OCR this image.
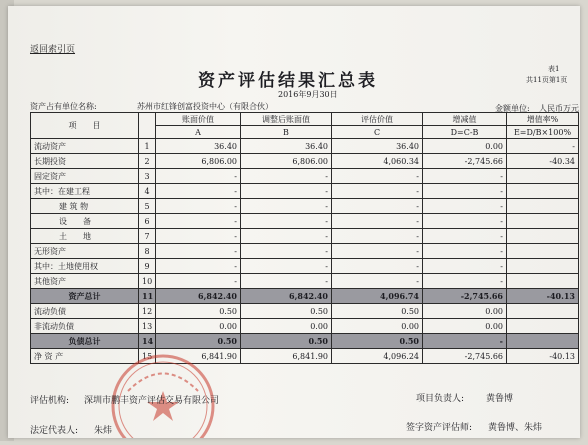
返回索引页
资产评估结果汇总表
2016年9月30日
表1
共11页第1页
资产占有单位名称:	苏州市红锋创富投资中心（有限合伙）	金额单位: 人民币万元
项　　目		账面价值	调整后账面值	评估价值	增减值	增值率%
		A	B	C	D=C-B	E=D/B×100%
流动资产	1	36.40	36.40	36.40	0.00	-
长期投资	2	6,806.00	6,806.00	4,060.34	-2,745.66	-40.34
固定资产	3	-	-	-	-	
其中：在建工程	4	-	-	-	-	
建 筑 物	5	-	-	-	-	
设　　备	6	-	-	-	-	
土　　地	7	-	-	-	-	
无形资产	8	-	-	-	-	
其中：土地使用权	9	-	-	-	-	
其他资产	10	-	-	-	-	
资产总计	11	6,842.40	6,842.40	4,096.74	-2,745.66	-40.13
流动负债	12	0.50	0.50	0.50	0.00	
非流动负债	13	0.00	0.00	0.00	0.00	
负债总计	14	0.50	0.50	0.50	-	
净 资 产	15	6,841.90	6,841.90	4,096.24	-2,745.66	-40.13
评估机构: 深圳市鹏丰资产评估交易有限公司	项目负责人: 黄鲁博
法定代表人: 朱炜	签字资产评估师: 黄鲁博、朱炜
